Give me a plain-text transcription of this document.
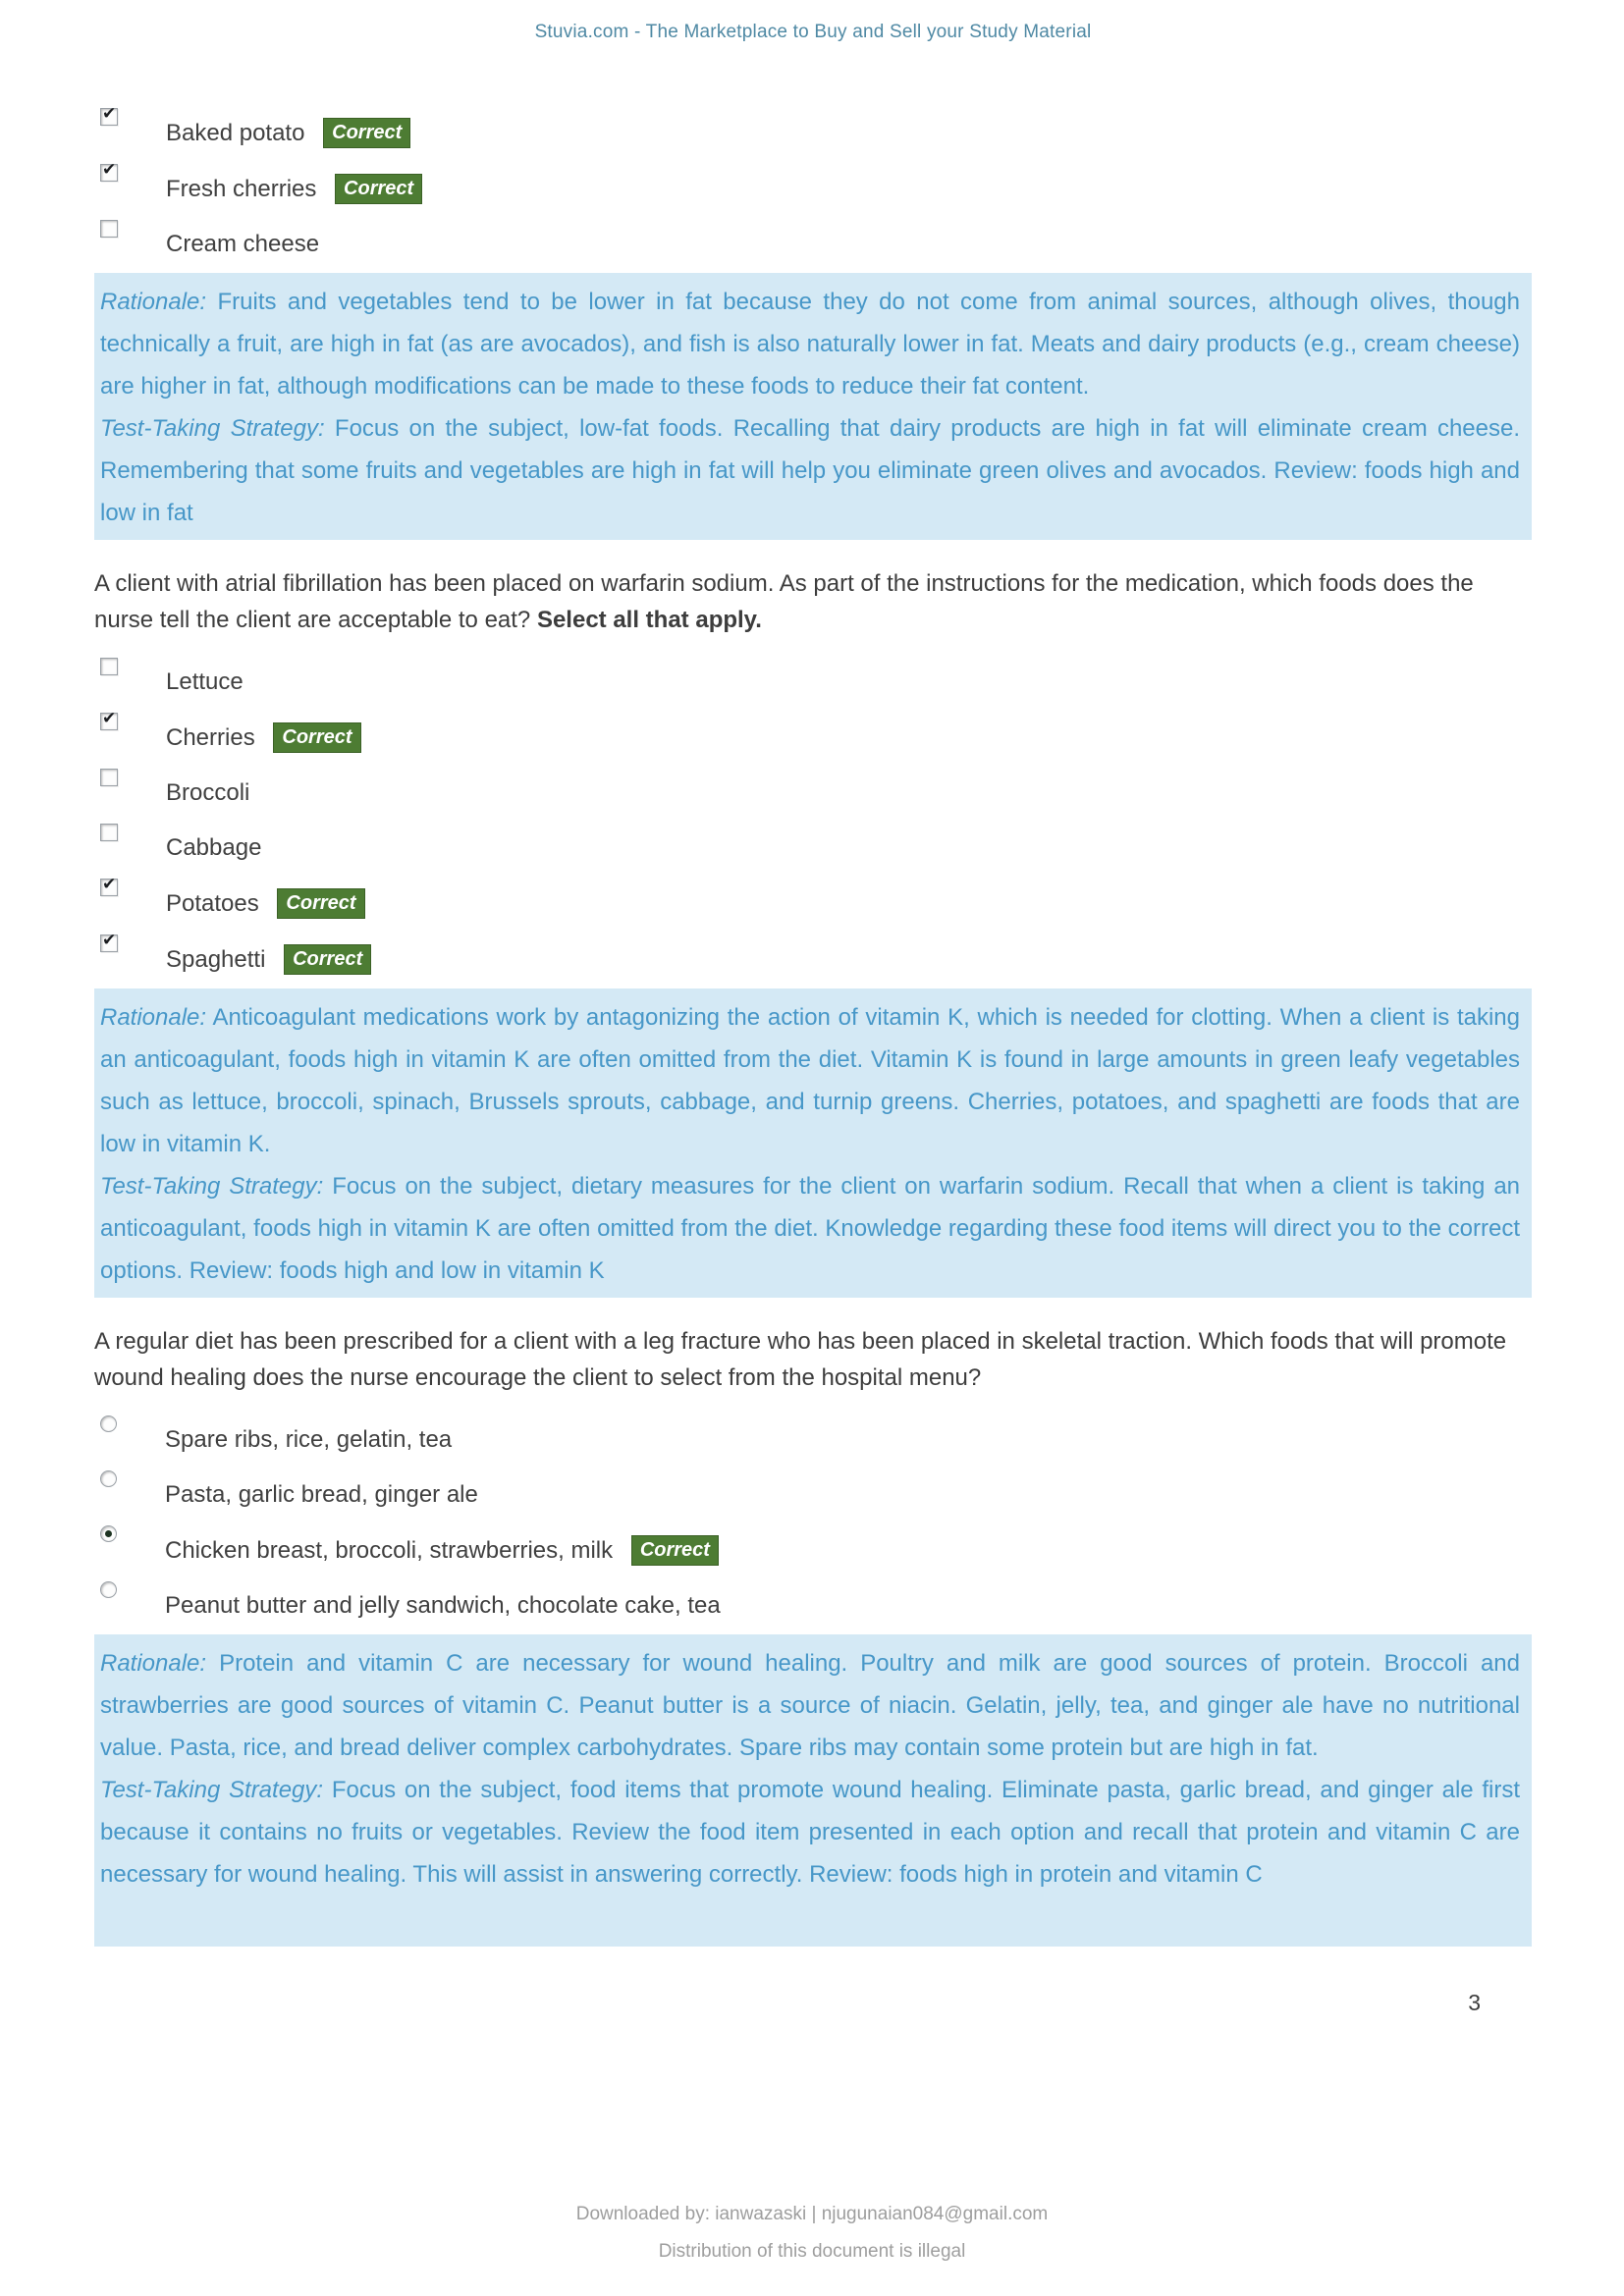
Stuvia.com - The Marketplace to Buy and Sell your Study Material
✔
Baked potato Correct
✔
Fresh cherries Correct
Cream cheese

Rationale: Fruits and vegetables tend to be lower in fat because they do not come from animal sources, although olives, though technically a fruit, are high in fat (as are avocados), and fish is also naturally lower in fat. Meats and dairy products (e.g., cream cheese) are higher in fat, although modifications can be made to these foods to reduce their fat content.

Test-Taking Strategy: Focus on the subject, low-fat foods. Recalling that dairy products are high in fat will eliminate cream cheese. Remembering that some fruits and vegetables are high in fat will help you eliminate green olives and avocados. Review: foods high and low in fat

A client with atrial fibrillation has been placed on warfarin sodium. As part of the instructions for the medication, which foods does the nurse tell the client are acceptable to eat? Select all that apply.
Lettuce
✔
Cherries Correct
Broccoli
Cabbage
✔
Potatoes Correct
✔
Spaghetti Correct

Rationale: Anticoagulant medications work by antagonizing the action of vitamin K, which is needed for clotting. When a client is taking an anticoagulant, foods high in vitamin K are often omitted from the diet. Vitamin K is found in large amounts in green leafy vegetables such as lettuce, broccoli, spinach, Brussels sprouts, cabbage, and turnip greens. Cherries, potatoes, and spaghetti are foods that are low in vitamin K.

Test-Taking Strategy: Focus on the subject, dietary measures for the client on warfarin sodium. Recall that when a client is taking an anticoagulant, foods high in vitamin K are often omitted from the diet. Knowledge regarding these food items will direct you to the correct options. Review: foods high and low in vitamin K

A regular diet has been prescribed for a client with a leg fracture who has been placed in skeletal traction. Which foods that will promote wound healing does the nurse encourage the client to select from the hospital menu?
Spare ribs, rice, gelatin, tea
Pasta, garlic bread, ginger ale
Chicken breast, broccoli, strawberries, milk Correct
Peanut butter and jelly sandwich, chocolate cake, tea

Rationale: Protein and vitamin C are necessary for wound healing. Poultry and milk are good sources of protein. Broccoli and strawberries are good sources of vitamin C. Peanut butter is a source of niacin. Gelatin, jelly, tea, and ginger ale have no nutritional value. Pasta, rice, and bread deliver complex carbohydrates. Spare ribs may contain some protein but are high in fat.

Test-Taking Strategy: Focus on the subject, food items that promote wound healing. Eliminate pasta, garlic bread, and ginger ale first because it contains no fruits or vegetables. Review the food item presented in each option and recall that protein and vitamin C are necessary for wound healing. This will assist in answering correctly. Review: foods high in protein and vitamin C

3
Downloaded by: ianwazaski | njugunaian084@gmail.com
Distribution of this document is illegal
